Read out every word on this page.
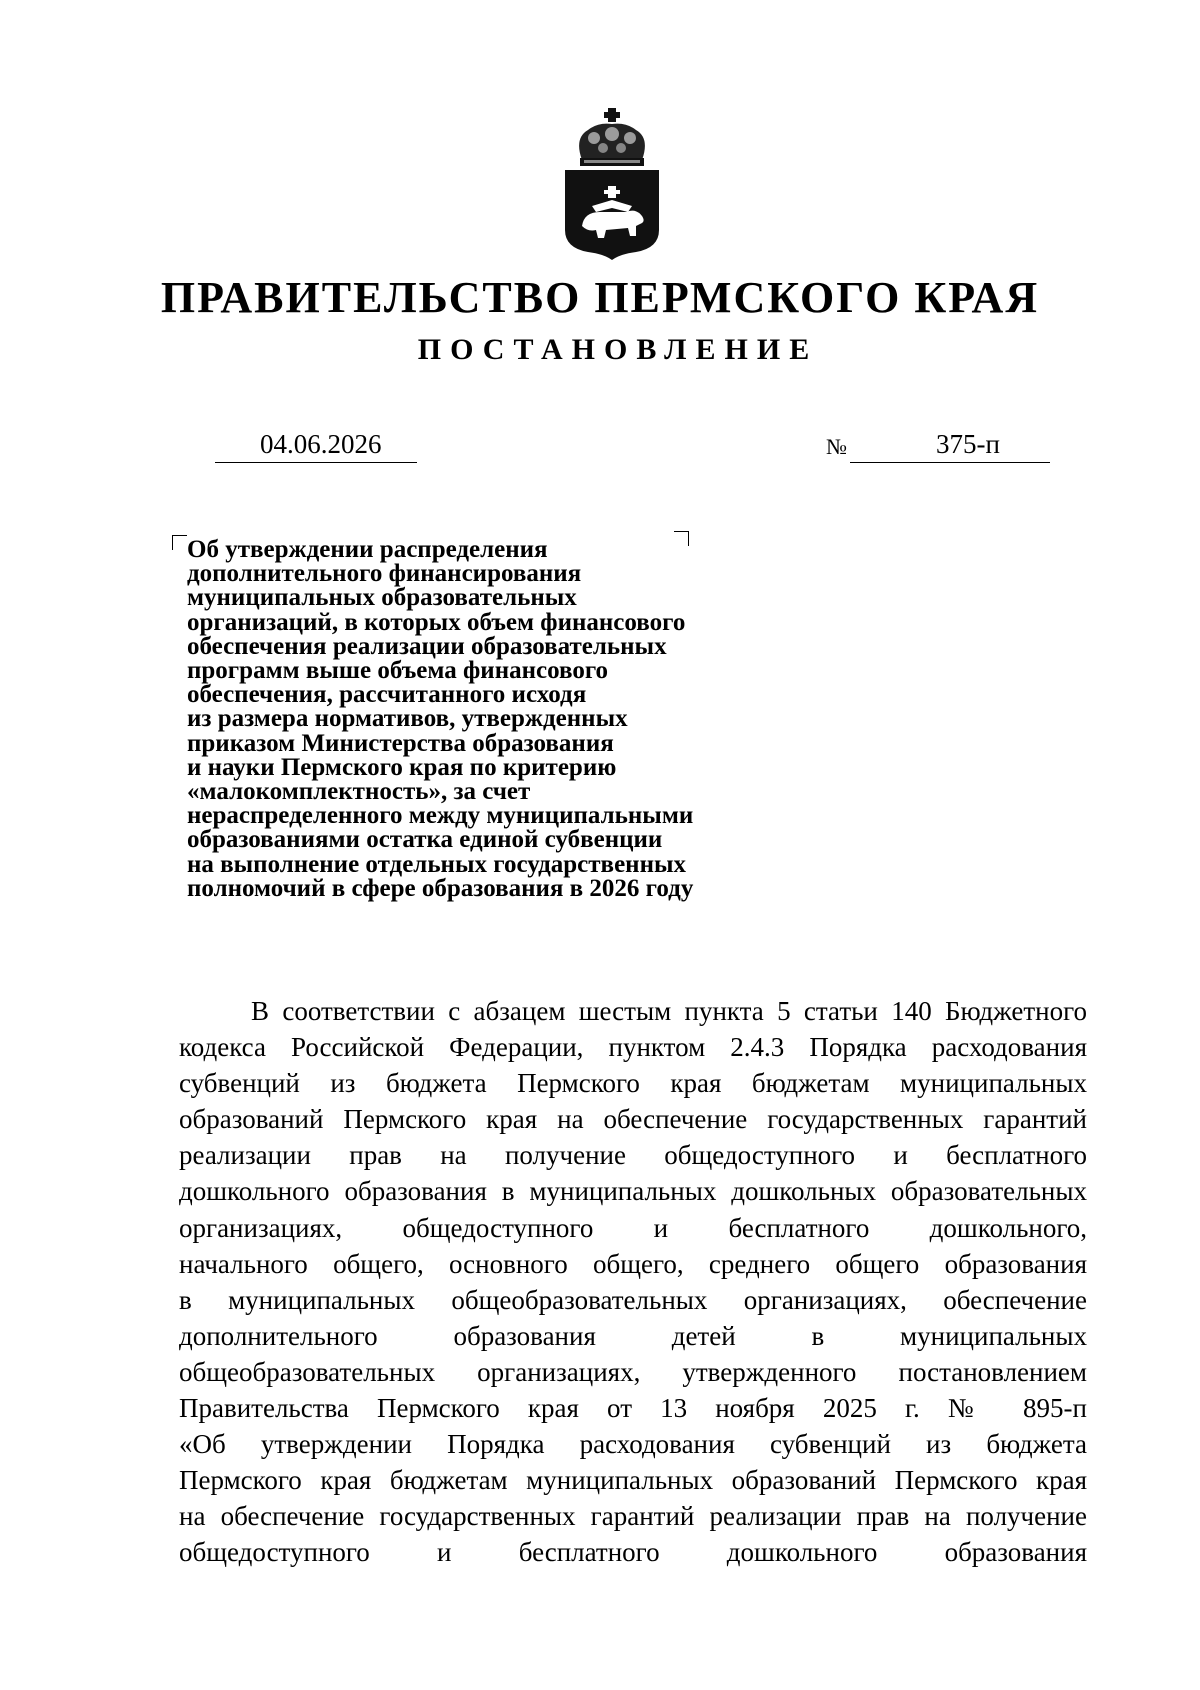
ПРАВИТЕЛЬСТВО ПЕРМСКОГО КРАЯ
ПОСТАНОВЛЕНИЕ
04.06.2026	№	375-п
Об утверждении распределения
дополнительного финансирования
муниципальных образовательных
организаций, в которых объем финансового
обеспечения реализации образовательных
программ выше объема финансового
обеспечения, рассчитанного исходя
из размера нормативов, утвержденных
приказом Министерства образования
и науки Пермского края по критерию
«малокомплектность», за счет
нераспределенного между муниципальными
образованиями остатка единой субвенции
на выполнение отдельных государственных
полномочий в сфере образования в 2026 году
В соответствии с абзацем шестым пункта 5 статьи 140 Бюджетного
кодекса Российской Федерации, пунктом 2.4.3 Порядка расходования
субвенций из бюджета Пермского края бюджетам муниципальных
образований Пермского края на обеспечение государственных гарантий
реализации прав на получение общедоступного и бесплатного
дошкольного образования в муниципальных дошкольных образовательных
организациях, общедоступного и бесплатного дошкольного,
начального общего, основного общего, среднего общего образования
в муниципальных общеобразовательных организациях, обеспечение
дополнительного образования детей в муниципальных
общеобразовательных организациях, утвержденного постановлением
Правительства Пермского края от 13 ноября 2025 г. № 895-п
«Об утверждении Порядка расходования субвенций из бюджета
Пермского края бюджетам муниципальных образований Пермского края
на обеспечение государственных гарантий реализации прав на получение
общедоступного и бесплатного дошкольного образования
